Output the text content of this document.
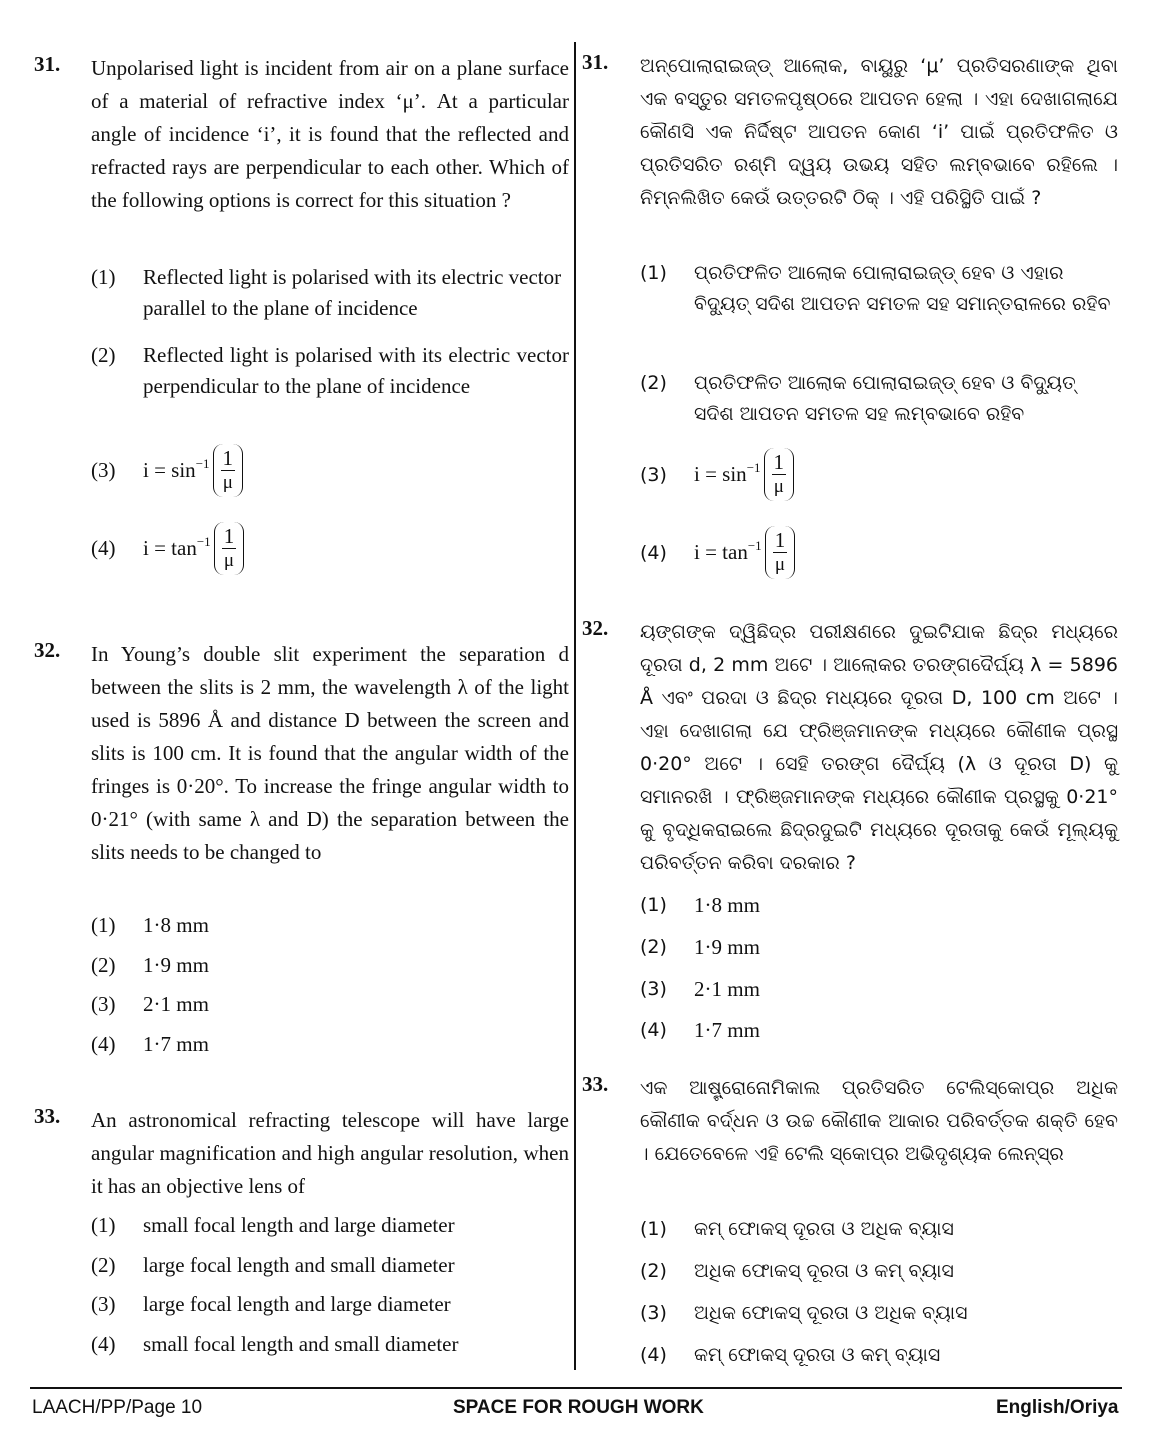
31. Unpolarised light is incident from air on a plane surface of a material of refractive index ‘μ’. At a particular angle of incidence ‘i’, it is found that the reflected and refracted rays are perpendicular to each other. Which of the following options is correct for this situation ?
(1) Reflected light is polarised with its electric vector parallel to the plane of incidence
(2) Reflected light is polarised with its electric vector perpendicular to the plane of incidence
(3)	$i = \sin^{-1} \frac{1}{\mu}$
(4)	$i = \tan^{-1} \frac{1}{\mu}$
32. In Young’s double slit experiment the separation d between the slits is 2 mm, the wavelength λ of the light used is 5896 Å and distance D between the screen and slits is 100 cm. It is found that the angular width of the fringes is 0·20°. To increase the fringe angular width to 0·21° (with same λ and D) the separation between the slits needs to be changed to
(1) 1·8 mm
(2) 1·9 mm
(3) 2·1 mm
(4) 1·7 mm
33. An astronomical refracting telescope will have large angular magnification and high angular resolution, when it has an objective lens of
(1) small focal length and large diameter
(2) large focal length and small diameter
(3) large focal length and large diameter
(4) small focal length and small diameter
31. ଅନ୍‌ପୋଲାରାଇଜ୍‌ଡ୍ ଆଲୋକ, ବାୟୁରୁ ‘μ’ ପ୍ରତିସରଣାଙ୍କ ଥିବା ଏକ ବସ୍ତୁର ସମତଳପୃଷ୍ଠରେ ଆପତନ ହେଲା । ଏହା ଦେଖାଗଲାଯେ କୌଣସି ଏକ ନିର୍ଦ୍ଦିଷ୍ଟ ଆପତନ କୋଣ ‘i’ ପାଇଁ ପ୍ରତିଫଳିତ ଓ ପ୍ରତିସରିତ ରଶ୍ମି ଦ୍ୱୟ ଉଭୟ ସହିତ ଲମ୍ବଭାବେ ରହିଲେ । ନିମ୍ନଲିଖିତ କେଉଁ ଉତ୍ତରଟି ଠିକ୍ । ଏହି ପରିସ୍ଥିତି ପାଇଁ ?
(1) ପ୍ରତିଫଳିତ ଆଲୋକ ପୋଲାରାଇଜ୍‌ଡ୍ ହେବ ଓ ଏହାର ବିଦ୍ୟୁତ୍ ସଦିଶ ଆପତନ ସମତଳ ସହ ସମାନ୍ତରାଳରେ ରହିବ
(2) ପ୍ରତିଫଳିତ ଆଲୋକ ପୋଲାରାଇଜ୍‌ଡ୍ ହେବ ଓ ବିଦ୍ୟୁତ୍ ସଦିଶ ଆପତନ ସମତଳ ସହ ଲମ୍ବଭାବେ ରହିବ
(3)	$i = \sin^{-1} \frac{1}{\mu}$
(4)	$i = \tan^{-1} \frac{1}{\mu}$
32. ୟଙ୍ଗଙ୍କ ଦ୍ୱିଛିଦ୍ର ପରୀକ୍ଷଣରେ ଦୁଇଟିଯାକ ଛିଦ୍ର ମଧ୍ୟରେ ଦୂରତା d, 2 mm ଅଟେ । ଆଲୋକର ତରଙ୍ଗଦୈର୍ଘ୍ୟ λ = 5896 Å ଏବଂ ପରଦା ଓ ଛିଦ୍ର ମଧ୍ୟରେ ଦୂରତା D, 100 cm ଅଟେ । ଏହା ଦେଖାଗଲା ଯେ ଫ୍ରିଞ୍ଜମାନଙ୍କ ମଧ୍ୟରେ କୌଣୀକ ପ୍ରସ୍ଥ 0·20° ଅଟେ । ସେହି ତରଙ୍ଗ ଦୈର୍ଘ୍ୟ (λ ଓ ଦୂରତା D) କୁ ସମାନରଖି । ଫ୍ରିଞ୍ଜମାନଙ୍କ ମଧ୍ୟରେ କୌଣୀକ ପ୍ରସ୍ଥକୁ 0·21° କୁ ବୃଦ୍ଧିକରାଇଲେ ଛିଦ୍ରଦୁଇଟି ମଧ୍ୟରେ ଦୂରତାକୁ କେଉଁ ମୂଲ୍ୟକୁ ପରିବର୍ତ୍ତନ କରିବା ଦରକାର ?
(1) 1·8 mm
(2) 1·9 mm
(3) 2·1 mm
(4) 1·7 mm
33. ଏକ ଆଷ୍ଟ୍ରୋନୋମିକାଲ ପ୍ରତିସରିତ ଟେଲିସ୍କୋପ୍‌ର ଅଧିକ କୌଣୀକ ବର୍ଦ୍ଧନ ଓ ଉଚ୍ଚ କୌଣୀକ ଆକାର ପରିବର୍ତ୍ତକ ଶକ୍ତି ହେବ । ଯେତେବେଳେ ଏହି ଟେଲି ସ୍କୋପ୍‌ର ଅଭିଦୃଶ୍ୟକ ଲେନ୍‌ସ୍‌ର
(1) କମ୍ ଫୋକସ୍ ଦୂରତା ଓ ଅଧିକ ବ୍ୟାସ
(2) ଅଧିକ ଫୋକସ୍ ଦୂରତା ଓ କମ୍ ବ୍ୟାସ
(3) ଅଧିକ ଫୋକସ୍ ଦୂରତା ଓ ଅଧିକ ବ୍ୟାସ
(4) କମ୍ ଫୋକସ୍ ଦୂରତା ଓ କମ୍ ବ୍ୟାସ
LAACH/PP/Page 10	SPACE FOR ROUGH WORK	English/Oriya
